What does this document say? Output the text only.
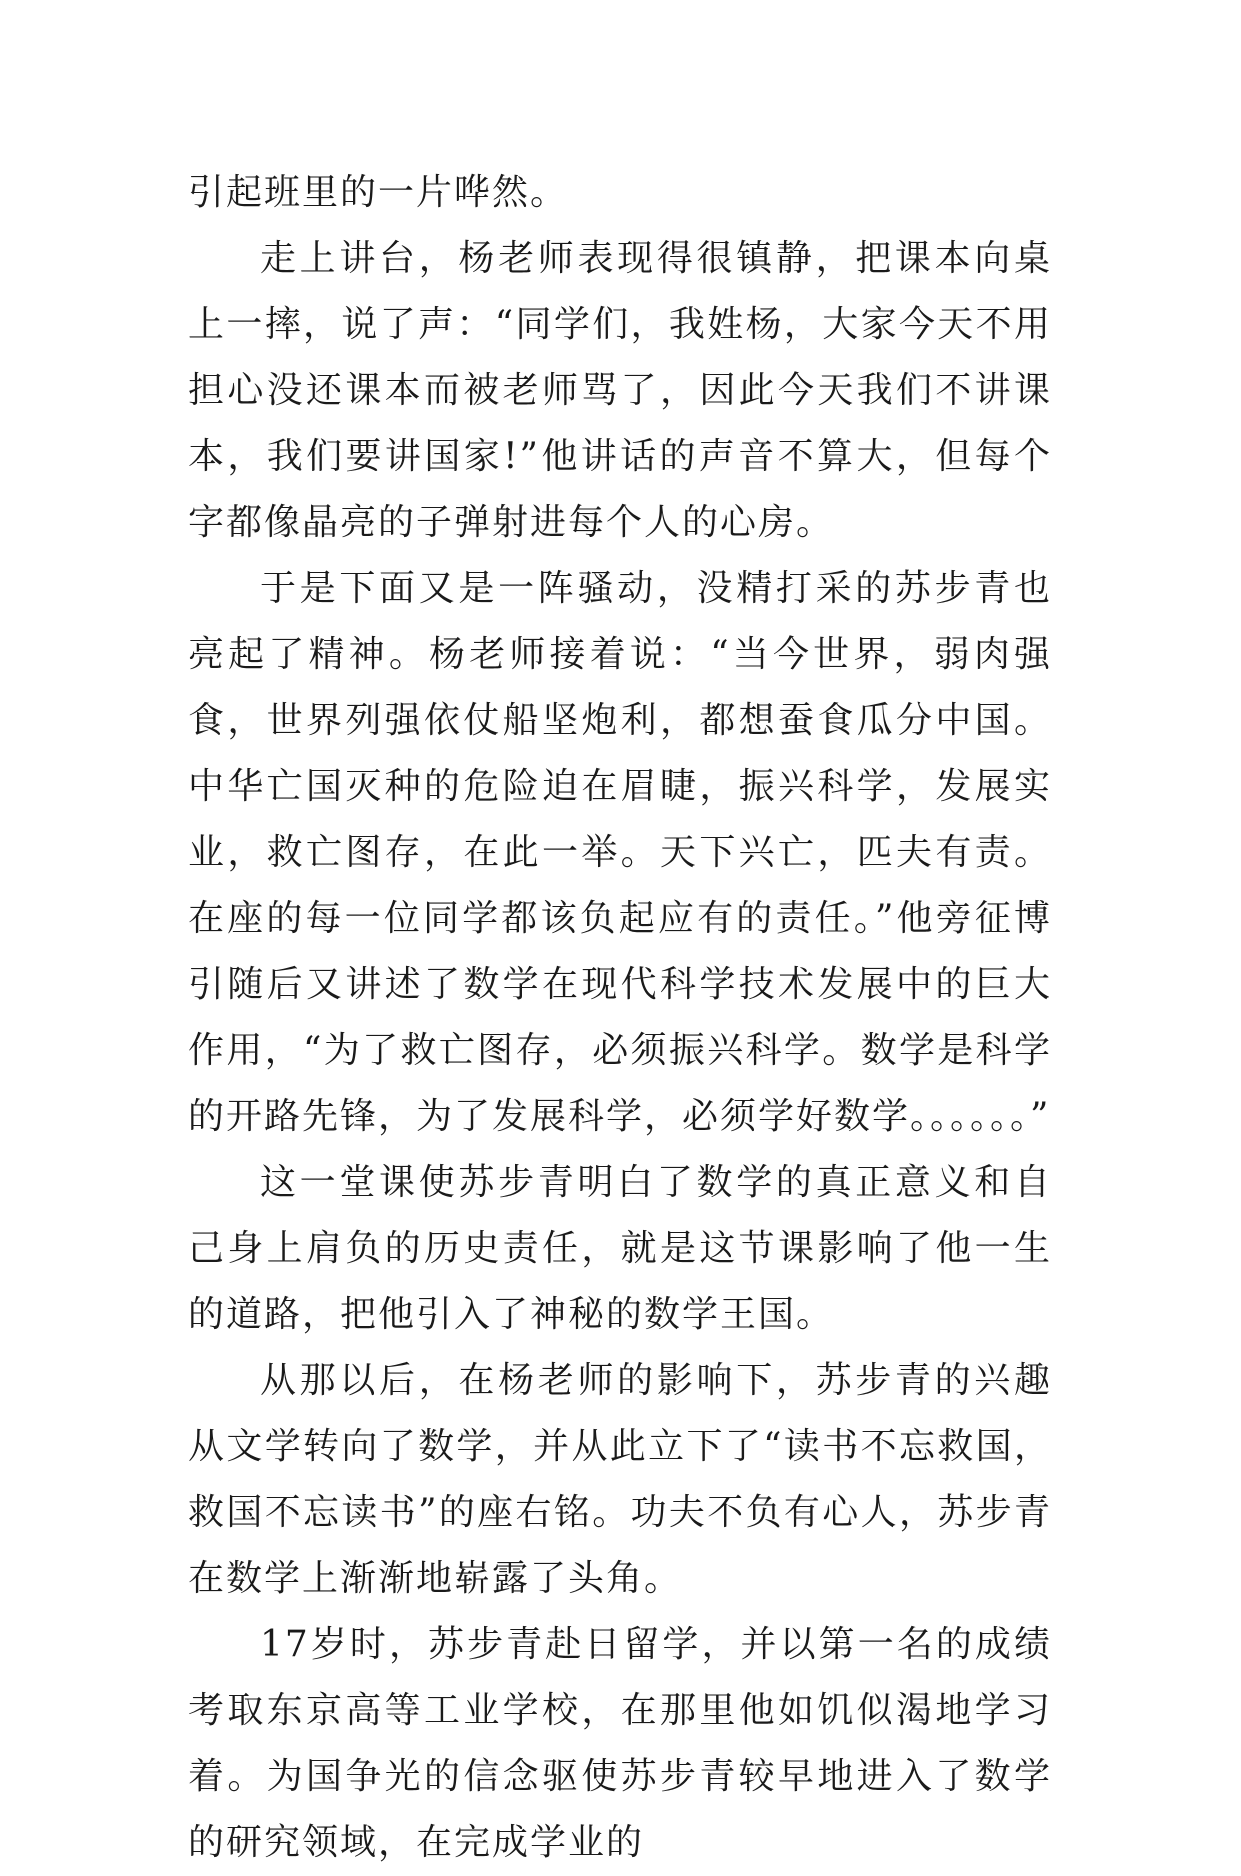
引起班里的一片哗然。

走上讲台，杨老师表现得很镇静，把课本向桌上一摔，说了声：“同学们，我姓杨，大家今天不用担心没还课本而被老师骂了，因此今天我们不讲课本，我们要讲国家!”他讲话的声音不算大，但每个字都像晶亮的子弹射进每个人的心房。

于是下面又是一阵骚动，没精打采的苏步青也亮起了精神。杨老师接着说：“当今世界，弱肉强食，世界列强依仗船坚炮利，都想蚕食瓜分中国。中华亡国灭种的危险迫在眉睫，振兴科学，发展实业，救亡图存，在此一举。天下兴亡，匹夫有责。在座的每一位同学都该负起应有的责任。”他旁征博引随后又讲述了数学在现代科学技术发展中的巨大作用，“为了救亡图存，必须振兴科学。数学是科学的开路先锋，为了发展科学，必须学好数学。。。。。。”

这一堂课使苏步青明白了数学的真正意义和自己身上肩负的历史责任，就是这节课影响了他一生的道路，把他引入了神秘的数学王国。

从那以后，在杨老师的影响下，苏步青的兴趣从文学转向了数学，并从此立下了“读书不忘救国，救国不忘读书”的座右铭。功夫不负有心人，苏步青在数学上渐渐地崭露了头角。

17岁时，苏步青赴日留学，并以第一名的成绩考取东京高等工业学校，在那里他如饥似渴地学习着。为国争光的信念驱使苏步青较早地进入了数学的研究领域，在完成学业的
